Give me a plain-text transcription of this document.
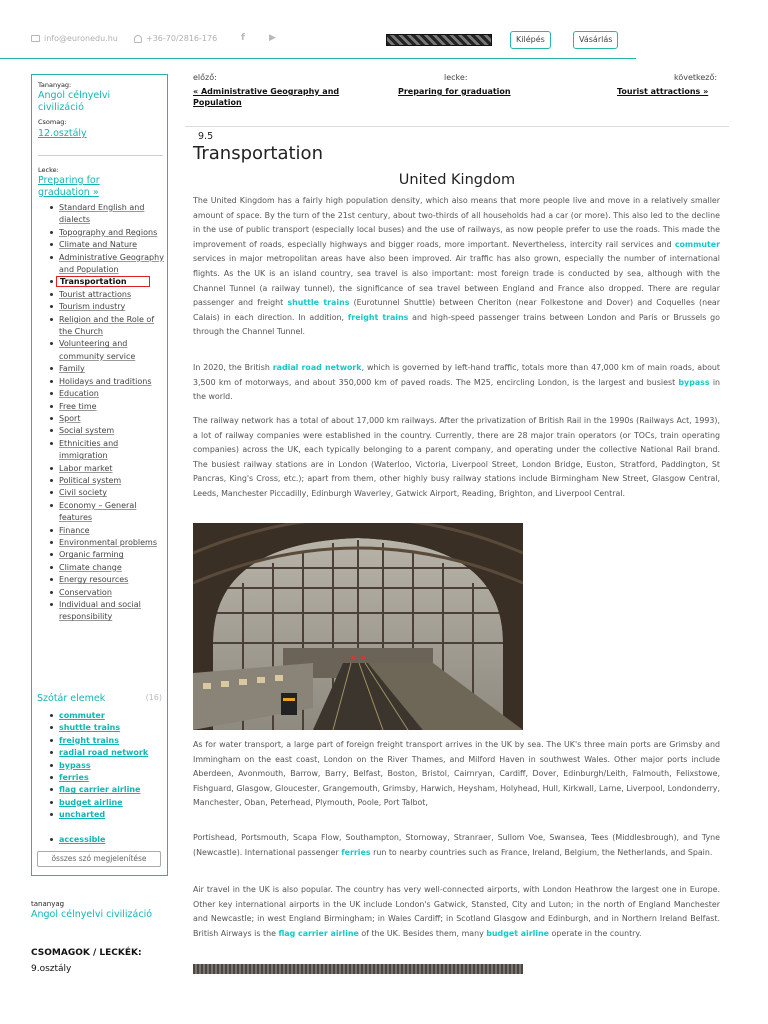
info@euronedu.hu	+36-70/2816-176	f	▶	Kilépés	Vásárlás
Tananyag:
Angol célnyelvi civilizáció
Csomag:
12.osztály
Lecke:
Preparing for graduation »
Standard English and dialects
Topography and Regions
Climate and Nature
Administrative Geography and Population
Transportation
Tourist attractions
Tourism industry
Religion and the Role of the Church
Volunteering and community service
Family
Holidays and traditions
Education
Free time
Sport
Social system
Ethnicities and immigration
Labor market
Political system
Civil society
Economy – General features
Finance
Environmental problems
Organic farming
Climate change
Energy resources
Conservation
Individual and social responsibility
Szótár elemek	(16)
összes szó megjelenítése
commuter
shuttle trains
freight trains
radial road network
bypass
ferries
flag carrier airline
budget airline
uncharted
accessible
tananyag
Angol célnyelvi civilizáció
CSOMAGOK / LECKÉK:
9.osztály
előző:
« Administrative Geography and Population
lecke:
Preparing for graduation
következő:
Tourist attractions »
9.5
Transportation
United Kingdom
The United Kingdom has a fairly high population density, which also means that more people live and move in a relatively smaller amount of space. By the turn of the 21st century, about two-thirds of all households had a car (or more). This also led to the decline in the use of public transport (especially local buses) and the use of railways, as now people prefer to use the roads. This made the improvement of roads, especially highways and bigger roads, more important. Nevertheless, intercity rail services and commuter services in major metropolitan areas have also been improved. Air traffic has also grown, especially the number of international flights. As the UK is an island country, sea travel is also important: most foreign trade is conducted by sea, although with the Channel Tunnel (a railway tunnel), the significance of sea travel between England and France also dropped. There are regular passenger and freight shuttle trains (Eurotunnel Shuttle) between Cheriton (near Folkestone and Dover) and Coquelles (near Calais) in each direction. In addition, freight trains and high-speed passenger trains between London and Paris or Brussels go through the Channel Tunnel.
In 2020, the British radial road network, which is governed by left-hand traffic, totals more than 47,000 km of main roads, about 3,500 km of motorways, and about 350,000 km of paved roads. The M25, encircling London, is the largest and busiest bypass in the world.
The railway network has a total of about 17,000 km railways. After the privatization of British Rail in the 1990s (Railways Act, 1993), a lot of railway companies were established in the country. Currently, there are 28 major train operators (or TOCs, train operating companies) across the UK, each typically belonging to a parent company, and operating under the collective National Rail brand. The busiest railway stations are in London (Waterloo, Victoria, Liverpool Street, London Bridge, Euston, Stratford, Paddington, St Pancras, King's Cross, etc.); apart from them, other highly busy railway stations include Birmingham New Street, Glasgow Central, Leeds, Manchester Piccadilly, Edinburgh Waverley, Gatwick Airport, Reading, Brighton, and Liverpool Central.
As for water transport, a large part of foreign freight transport arrives in the UK by sea. The UK's three main ports are Grimsby and Immingham on the east coast, London on the River Thames, and Milford Haven in southwest Wales. Other major ports include Aberdeen, Avonmouth, Barrow, Barry, Belfast, Boston, Bristol, Cairnryan, Cardiff, Dover, Edinburgh/Leith, Falmouth, Felixstowe, Fishguard, Glasgow, Gloucester, Grangemouth, Grimsby, Harwich, Heysham, Holyhead, Hull, Kirkwall, Larne, Liverpool, Londonderry, Manchester, Oban, Peterhead, Plymouth, Poole, Port Talbot,
Portishead, Portsmouth, Scapa Flow, Southampton, Stornoway, Stranraer, Sullom Voe, Swansea, Tees (Middlesbrough), and Tyne (Newcastle). International passenger ferries run to nearby countries such as France, Ireland, Belgium, the Netherlands, and Spain.
Air travel in the UK is also popular. The country has very well-connected airports, with London Heathrow the largest one in Europe. Other key international airports in the UK include London's Gatwick, Stansted, City and Luton; in the north of England Manchester and Newcastle; in west England Birmingham; in Wales Cardiff; in Scotland Glasgow and Edinburgh, and in Northern Ireland Belfast. British Airways is the flag carrier airline of the UK. Besides them, many budget airline operate in the country.
